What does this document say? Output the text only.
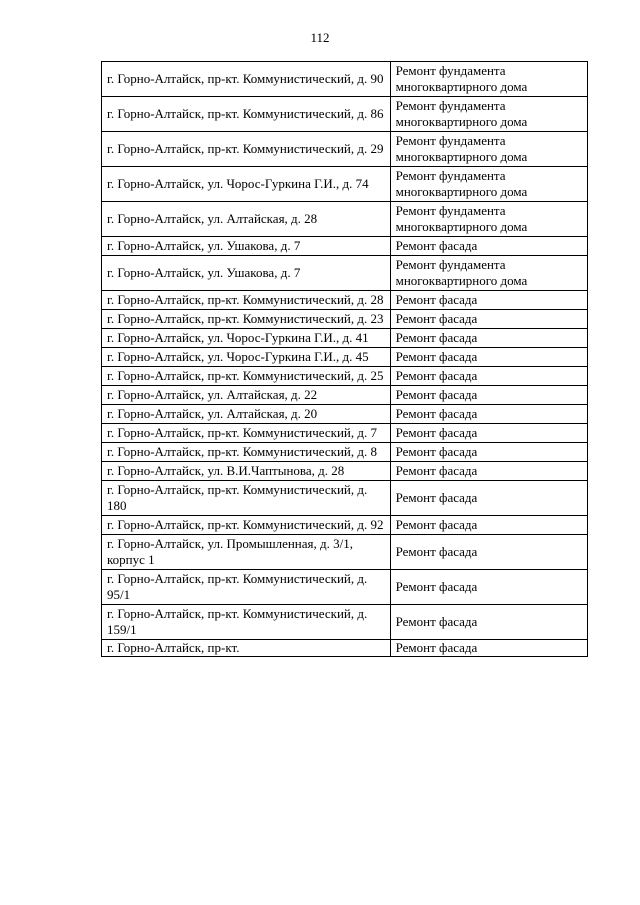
112
г. Горно-Алтайск, пр-кт. Коммунистический, д. 90	Ремонт фундамента многоквартирного дома
г. Горно-Алтайск, пр-кт. Коммунистический, д. 86	Ремонт фундамента многоквартирного дома
г. Горно-Алтайск, пр-кт. Коммунистический, д. 29	Ремонт фундамента многоквартирного дома
г. Горно-Алтайск, ул. Чорос-Гуркина Г.И., д. 74	Ремонт фундамента многоквартирного дома
г. Горно-Алтайск, ул. Алтайская, д. 28	Ремонт фундамента многоквартирного дома
г. Горно-Алтайск, ул. Ушакова, д. 7	Ремонт фасада
г. Горно-Алтайск, ул. Ушакова, д. 7	Ремонт фундамента многоквартирного дома
г. Горно-Алтайск, пр-кт. Коммунистический, д. 28	Ремонт фасада
г. Горно-Алтайск, пр-кт. Коммунистический, д. 23	Ремонт фасада
г. Горно-Алтайск, ул. Чорос-Гуркина Г.И., д. 41	Ремонт фасада
г. Горно-Алтайск, ул. Чорос-Гуркина Г.И., д. 45	Ремонт фасада
г. Горно-Алтайск, пр-кт. Коммунистический, д. 25	Ремонт фасада
г. Горно-Алтайск, ул. Алтайская, д. 22	Ремонт фасада
г. Горно-Алтайск, ул. Алтайская, д. 20	Ремонт фасада
г. Горно-Алтайск, пр-кт. Коммунистический, д. 7	Ремонт фасада
г. Горно-Алтайск, пр-кт. Коммунистический, д. 8	Ремонт фасада
г. Горно-Алтайск, ул. В.И.Чаптынова, д. 28	Ремонт фасада
г. Горно-Алтайск, пр-кт. Коммунистический, д. 180	Ремонт фасада
г. Горно-Алтайск, пр-кт. Коммунистический, д. 92	Ремонт фасада
г. Горно-Алтайск, ул. Промышленная, д. 3/1, корпус 1	Ремонт фасада
г. Горно-Алтайск, пр-кт. Коммунистический, д. 95/1	Ремонт фасада
г. Горно-Алтайск, пр-кт. Коммунистический, д. 159/1	Ремонт фасада
г. Горно-Алтайск, пр-кт.	Ремонт фасада
